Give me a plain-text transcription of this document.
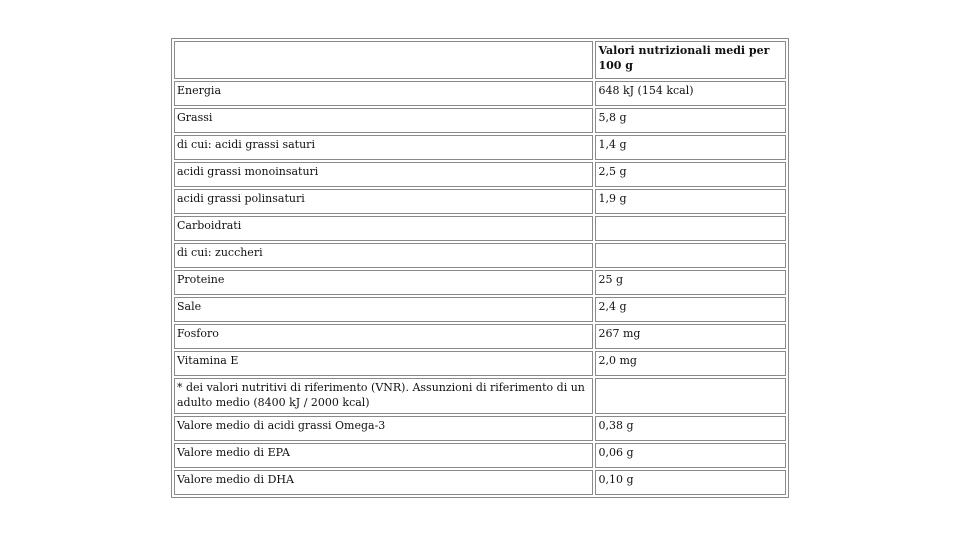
	Valori nutrizionali medi per 100 g
Energia	648 kJ (154 kcal)
Grassi	5,8 g
di cui: acidi grassi saturi	1,4 g
acidi grassi monoinsaturi	2,5 g
acidi grassi polinsaturi	1,9 g
Carboidrati	
di cui: zuccheri	
Proteine	25 g
Sale	2,4 g
Fosforo	267 mg
Vitamina E	2,0 mg
* dei valori nutritivi di riferimento (VNR). Assunzioni di riferimento di un adulto medio (8400 kJ / 2000 kcal)	
Valore medio di acidi grassi Omega-3	0,38 g
Valore medio di EPA	0,06 g
Valore medio di DHA	0,10 g
